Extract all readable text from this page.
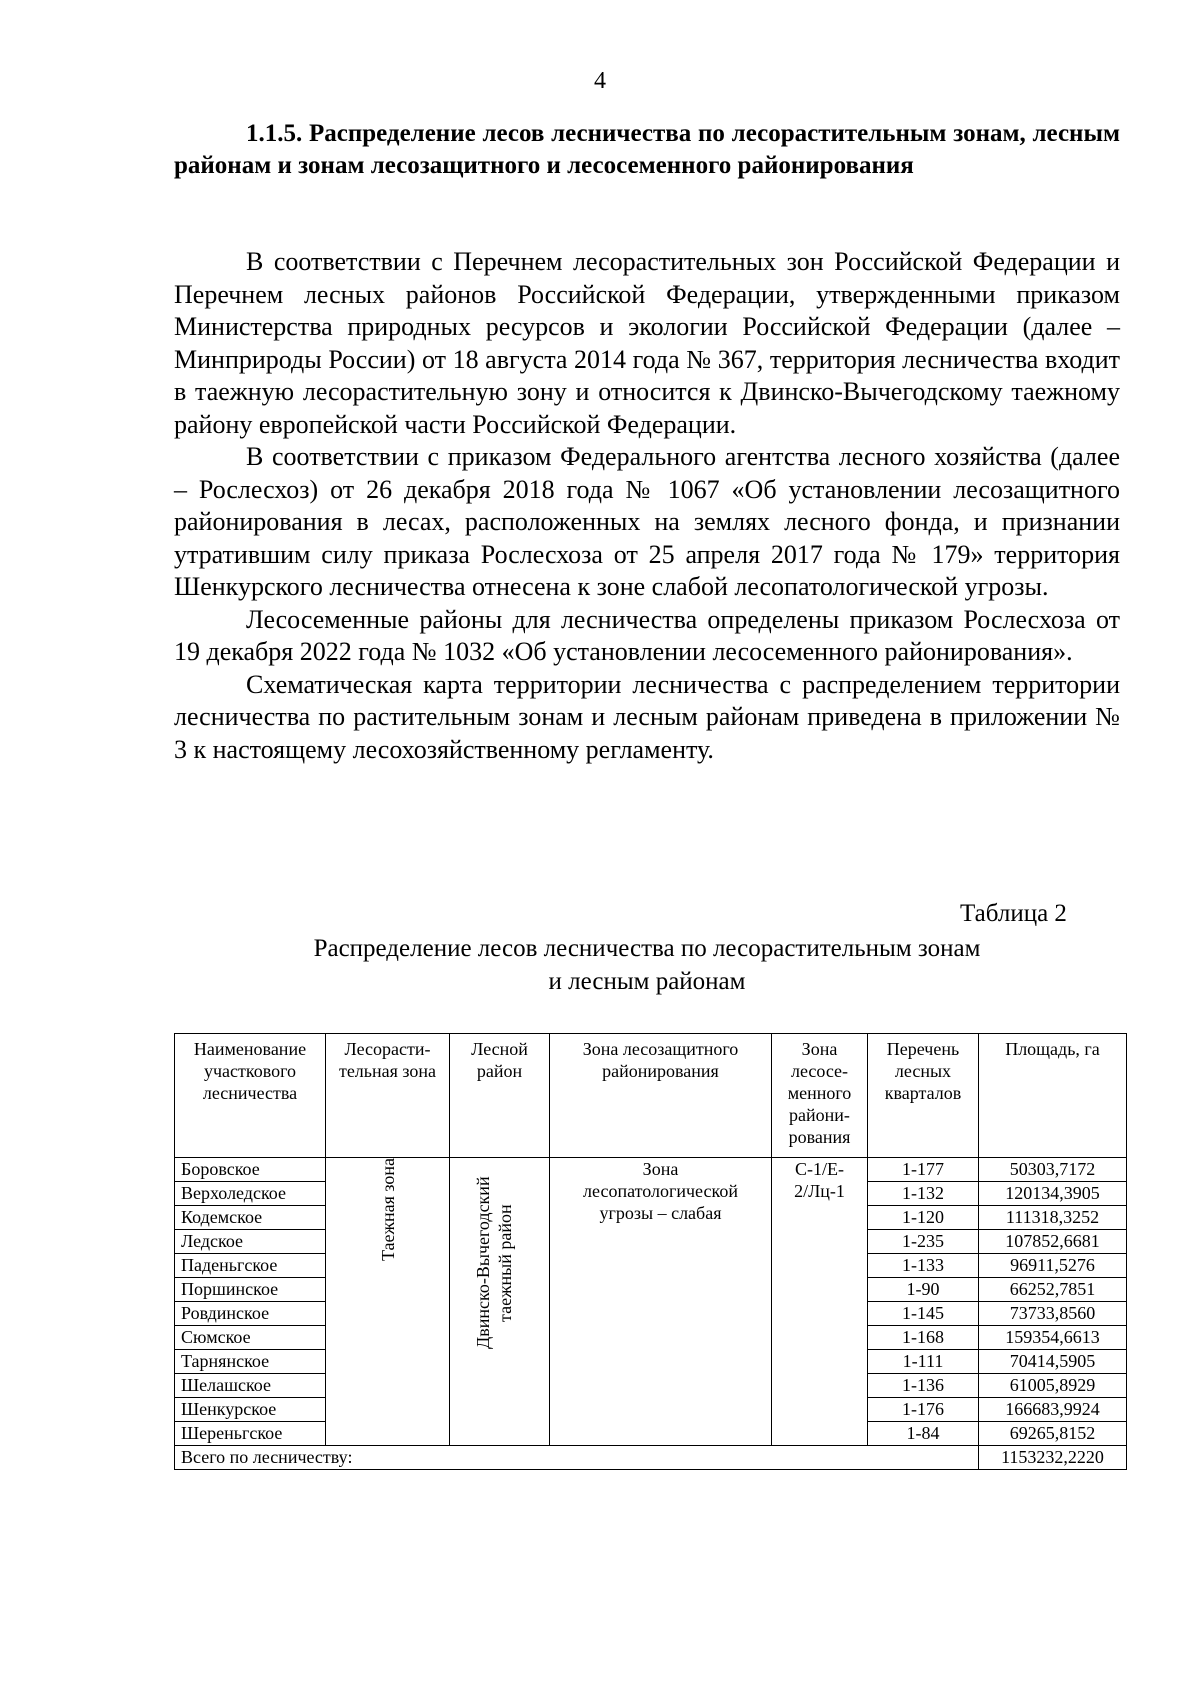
4
1.1.5. Распределение лесов лесничества по лесорастительным зонам, лесным районам и зонам лесозащитного и лесосеменного районирования

В соответствии с Перечнем лесорастительных зон Российской Федерации и Перечнем лесных районов Российской Федерации, утвержденными приказом Министерства природных ресурсов и экологии Российской Федерации (далее – Минприроды России) от 18 августа 2014 года № 367, территория лесничества входит в таежную лесорастительную зону и относится к Двинско-Вычегодскому таежному району европейской части Российской Федерации.

В соответствии с приказом Федерального агентства лесного хозяйства (далее – Рослесхоз) от 26 декабря 2018 года № 1067 «Об установлении лесозащитного районирования в лесах, расположенных на землях лесного фонда, и признании утратившим силу приказа Рослесхоза от 25 апреля 2017 года № 179» территория Шенкурского лесничества отнесена к зоне слабой лесопатологической угрозы.

Лесосеменные районы для лесничества определены приказом Рослесхоза от 19 декабря 2022 года № 1032 «Об установлении лесосеменного районирования».

Схематическая карта территории лесничества с распределением территории лесничества по растительным зонам и лесным районам приведена в приложении № 3 к настоящему лесохозяйственному регламенту.

Таблица 2
Распределение лесов лесничества по лесорастительным зонам
и лесным районам
Наименование участкового лесничества	Лесорасти-тельная зона	Лесной район	Зона лесозащитного районирования	Зона лесосе-менного райони-рования	Перечень лесных кварталов	Площадь, га
Боровское	Таежная зона	Двинско-Вычегодский таежный район	Зона лесопатологической угрозы – слабая	С-1/Е-2/Лц-1	1-177	50303,7172
Верхоледское					1-132	120134,3905
Кодемское					1-120	111318,3252
Ледское					1-235	107852,6681
Паденьгское					1-133	96911,5276
Поршинское					1-90	66252,7851
Ровдинское					1-145	73733,8560
Сюмское					1-168	159354,6613
Тарнянское					1-111	70414,5905
Шелашское					1-136	61005,8929
Шенкурское					1-176	166683,9924
Шереньгское					1-84	69265,8152
Всего по лесничеству:						1153232,2220
